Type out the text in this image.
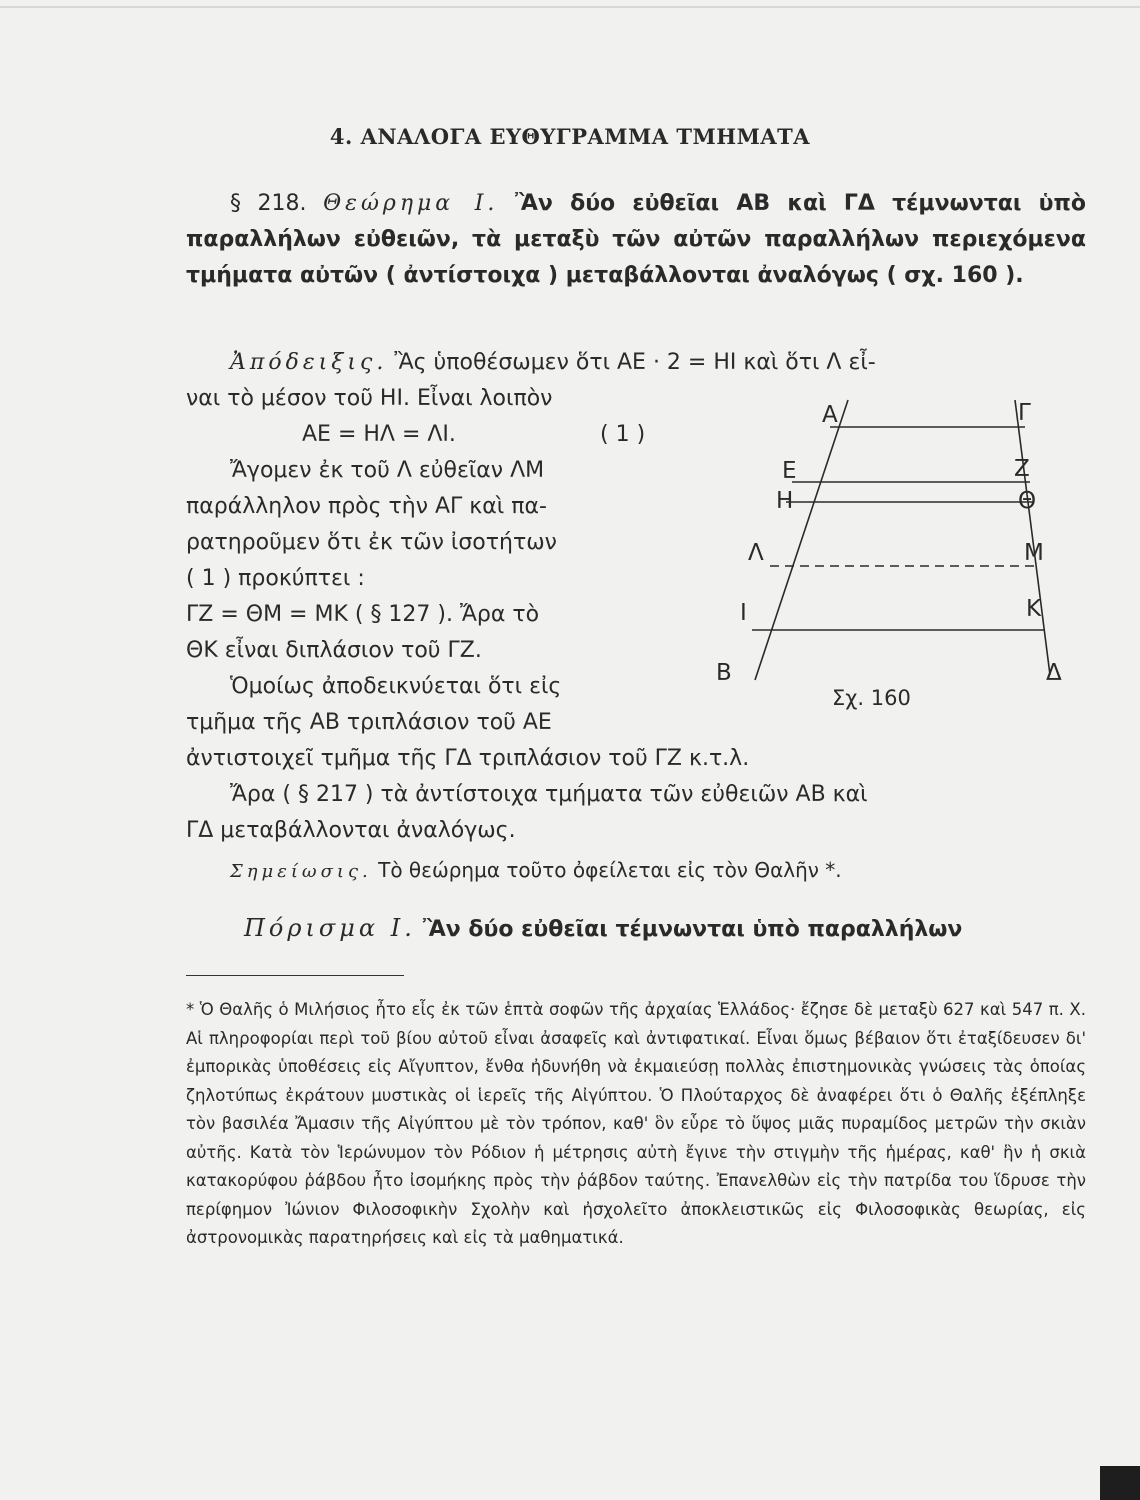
4. ΑΝΑΛΟΓΑ ΕΥΘΥΓΡΑΜΜΑ ΤΜΗΜΑΤΑ
§ 218. Θεώρημα I. Ἂν δύο εὐθεῖαι ΑΒ καὶ ΓΔ τέμνωνται ὑπὸ παραλλήλων εὐθειῶν, τὰ μεταξὺ τῶν αὐτῶν παραλλήλων περιεχόμενα τμήματα αὐτῶν ( ἀντίστοιχα ) μεταβάλλονται ἀναλόγως ( σχ. 160 ).
Ἀπόδειξις. Ἂς ὑποθέσωμεν ὅτι ΑΕ · 2 = ΗΙ καὶ ὅτι Λ εἶ-
ναι τὸ μέσον τοῦ ΗΙ. Εἶναι λοιπὸν
ΑΕ = ΗΛ = ΛΙ.	( 1 )
Ἄγομεν ἐκ τοῦ Λ εὐθεῖαν ΛΜ
παράλληλον πρὸς τὴν ΑΓ καὶ πα-
ρατηροῦμεν ὅτι ἐκ τῶν ἰσοτήτων
( 1 ) προκύπτει :
ΓΖ = ΘΜ = ΜΚ ( § 127 ). Ἄρα τὸ
ΘΚ εἶναι διπλάσιον τοῦ ΓΖ.
Ὁμοίως ἀποδεικνύεται ὅτι εἰς
τμῆμα τῆς ΑΒ τριπλάσιον τοῦ ΑΕ
ἀντιστοιχεῖ τμῆμα τῆς ΓΔ τριπλάσιον τοῦ ΓΖ κ.τ.λ.
Ἄρα ( § 217 ) τὰ ἀντίστοιχα τμήματα τῶν εὐθειῶν ΑΒ καὶ
ΓΔ μεταβάλλονται ἀναλόγως.
Α
Ε
Η
Λ
Ι
Β
Γ
Ζ
Θ
Μ
Κ
Δ
Σχ. 160
Σημείωσις. Τὸ θεώρημα τοῦτο ὀφείλεται εἰς τὸν Θαλῆν *.
Πόρισμα I. Ἂν δύο εὐθεῖαι τέμνωνται ὑπὸ παραλλήλων
* Ὁ Θαλῆς ὁ Μιλήσιος ἦτο εἷς ἐκ τῶν ἑπτὰ σοφῶν τῆς ἀρχαίας Ἑλλάδος· ἔζησε δὲ μεταξὺ 627 καὶ 547 π. Χ. Αἱ πληροφορίαι περὶ τοῦ βίου αὐτοῦ εἶναι ἀσαφεῖς καὶ ἀντιφατικαί. Εἶναι ὅμως βέβαιον ὅτι ἐταξίδευσεν δι' ἐμπορικὰς ὑποθέσεις εἰς Αἴγυπτον, ἔνθα ἠδυνήθη νὰ ἐκμαιεύσῃ πολλὰς ἐπιστημονικὰς γνώσεις τὰς ὁποίας ζηλοτύπως ἐκράτουν μυστικὰς οἱ ἱερεῖς τῆς Αἰγύπτου. Ὁ Πλούταρχος δὲ ἀναφέρει ὅτι ὁ Θαλῆς ἐξέπληξε τὸν βασιλέα Ἄμασιν τῆς Αἰγύπτου μὲ τὸν τρόπον, καθ' ὃν εὗρε τὸ ὕψος μιᾶς πυραμίδος μετρῶν τὴν σκιὰν αὐτῆς. Κατὰ τὸν Ἱερώνυμον τὸν Ρόδιον ἡ μέτρησις αὐτὴ ἔγινε τὴν στιγμὴν τῆς ἡμέρας, καθ' ἣν ἡ σκιὰ κατακορύφου ῥάβδου ἦτο ἰσομήκης πρὸς τὴν ῥάβδον ταύτης. Ἐπανελθὼν εἰς τὴν πατρίδα του ἵδρυσε τὴν περίφημον Ἰώνιον Φιλοσοφικὴν Σχολὴν καὶ ἠσχολεῖτο ἀποκλειστικῶς εἰς Φιλοσοφικὰς θεωρίας, εἰς ἀστρονομικὰς παρατηρήσεις καὶ εἰς τὰ μαθηματικά.
